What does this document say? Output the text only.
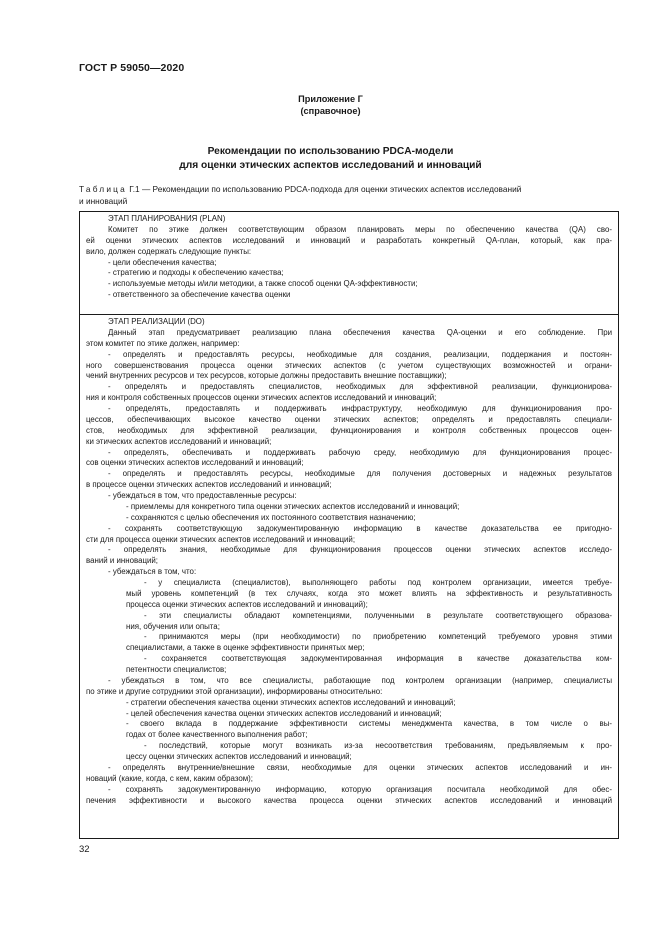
ГОСТ Р 59050—2020
Приложение Г
(справочное)
Рекомендации по использованию PDCA-модели
для оценки этических аспектов исследований и инноваций
Таблица Г.1 — Рекомендации по использованию PDCA-подхода для оценки этических аспектов исследований
и инноваций
ЭТАП ПЛАНИРОВАНИЯ (PLAN)
Комитет по этике должен соответствующим образом планировать меры по обеспечению качества (QA) сво-
ей оценки этических аспектов исследований и инноваций и разработать конкретный QA-план, который, как пра-
вило, должен содержать следующие пункты:
- цели обеспечения качества;
- стратегию и подходы к обеспечению качества;
- используемые методы и/или методики, а также способ оценки QA-эффективности;
- ответственного за обеспечение качества оценки
ЭТАП РЕАЛИЗАЦИИ (DO)
Данный этап предусматривает реализацию плана обеспечения качества QA-оценки и его соблюдение. При
этом комитет по этике должен, например:
- определять и предоставлять ресурсы, необходимые для создания, реализации, поддержания и постоян-
ного совершенствования процесса оценки этических аспектов (с учетом существующих возможностей и ограни-
чений внутренних ресурсов и тех ресурсов, которые должны предоставить внешние поставщики);
- определять и предоставлять специалистов, необходимых для эффективной реализации, функционирова-
ния и контроля собственных процессов оценки этических аспектов исследований и инноваций;
- определять, предоставлять и поддерживать инфраструктуру, необходимую для функционирования про-
цессов, обеспечивающих высокое качество оценки этических аспектов; определять и предоставлять специали-
стов, необходимых для эффективной реализации, функционирования и контроля собственных процессов оцен-
ки этических аспектов исследований и инноваций;
- определять, обеспечивать и поддерживать рабочую среду, необходимую для функционирования процес-
сов оценки этических аспектов исследований и инноваций;
- определять и предоставлять ресурсы, необходимые для получения достоверных и надежных результатов
в процессе оценки этических аспектов исследований и инноваций;
- убеждаться в том, что предоставленные ресурсы:
- приемлемы для конкретного типа оценки этических аспектов исследований и инноваций;
- сохраняются с целью обеспечения их постоянного соответствия назначению;
- сохранять соответствующую задокументированную информацию в качестве доказательства ее пригодно-
сти для процесса оценки этических аспектов исследований и инноваций;
- определять знания, необходимые для функционирования процессов оценки этических аспектов исследо-
ваний и инноваций;
- убеждаться в том, что:
- у специалиста (специалистов), выполняющего работы под контролем организации, имеется требуе-
мый уровень компетенций (в тех случаях, когда это может влиять на эффективность и результативность
процесса оценки этических аспектов исследований и инноваций);
- эти специалисты обладают компетенциями, полученными в результате соответствующего образова-
ния, обучения или опыта;
- принимаются меры (при необходимости) по приобретению компетенций требуемого уровня этими
специалистами, а также в оценке эффективности принятых мер;
- сохраняется соответствующая задокументированная информация в качестве доказательства ком-
петентности специалистов;
- убеждаться в том, что все специалисты, работающие под контролем организации (например, специалисты
по этике и другие сотрудники этой организации), информированы относительно:
- стратегии обеспечения качества оценки этических аспектов исследований и инноваций;
- целей обеспечения качества оценки этических аспектов исследований и инноваций;
- своего вклада в поддержание эффективности системы менеджмента качества, в том числе о вы-
годах от более качественного выполнения работ;
- последствий, которые могут возникать из-за несоответствия требованиям, предъявляемым к про-
цессу оценки этических аспектов исследований и инноваций;
- определять внутренние/внешние связи, необходимые для оценки этических аспектов исследований и ин-
новаций (какие, когда, с кем, каким образом);
- сохранять задокументированную информацию, которую организация посчитала необходимой для обес-
печения эффективности и высокого качества процесса оценки этических аспектов исследований и инноваций
32
